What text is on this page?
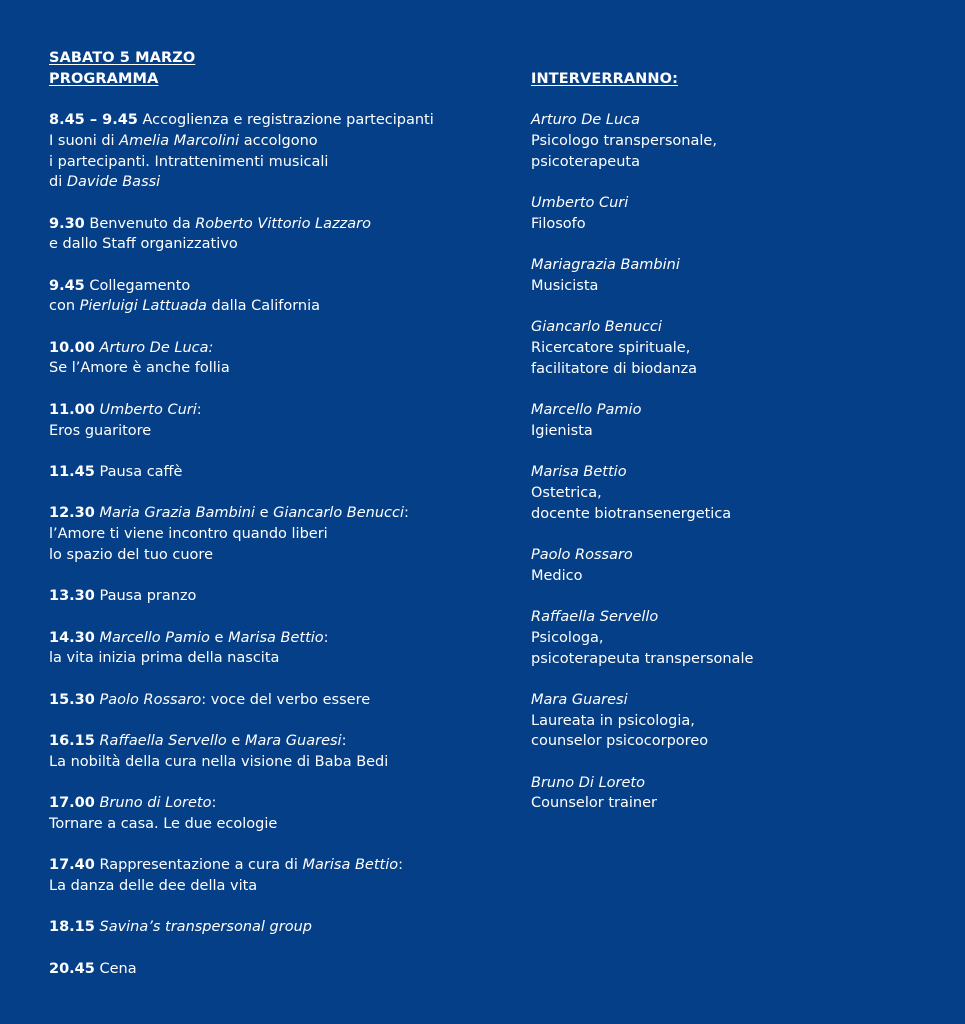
SABATO 5 MARZO
PROGRAMMA
8.45 – 9.45 Accoglienza e registrazione partecipanti
I suoni di Amelia Marcolini accolgono
i partecipanti. Intrattenimenti musicali
di Davide Bassi
9.30 Benvenuto da Roberto Vittorio Lazzaro
e dallo Staff organizzativo
9.45 Collegamento
con Pierluigi Lattuada dalla California
10.00 Arturo De Luca:
Se l’Amore è anche follia
11.00 Umberto Curi:
Eros guaritore
11.45 Pausa caffè
12.30 Maria Grazia Bambini e Giancarlo Benucci:
l’Amore ti viene incontro quando liberi
lo spazio del tuo cuore
13.30 Pausa pranzo
14.30 Marcello Pamio e Marisa Bettio:
la vita inizia prima della nascita
15.30 Paolo Rossaro: voce del verbo essere
16.15 Raffaella Servello e Mara Guaresi:
La nobiltà della cura nella visione di Baba Bedi
17.00 Bruno di Loreto:
Tornare a casa. Le due ecologie
17.40 Rappresentazione a cura di Marisa Bettio:
La danza delle dee della vita
18.15 Savina’s transpersonal group
20.45 Cena
INTERVERRANNO:
Arturo De Luca
Psicologo transpersonale,
psicoterapeuta
Umberto Curi
Filosofo
Mariagrazia Bambini
Musicista
Giancarlo Benucci
Ricercatore spirituale,
facilitatore di biodanza
Marcello Pamio
Igienista
Marisa Bettio
Ostetrica,
docente biotransenergetica
Paolo Rossaro
Medico
Raffaella Servello
Psicologa,
psicoterapeuta transpersonale
Mara Guaresi
Laureata in psicologia,
counselor psicocorporeo
Bruno Di Loreto
Counselor trainer
